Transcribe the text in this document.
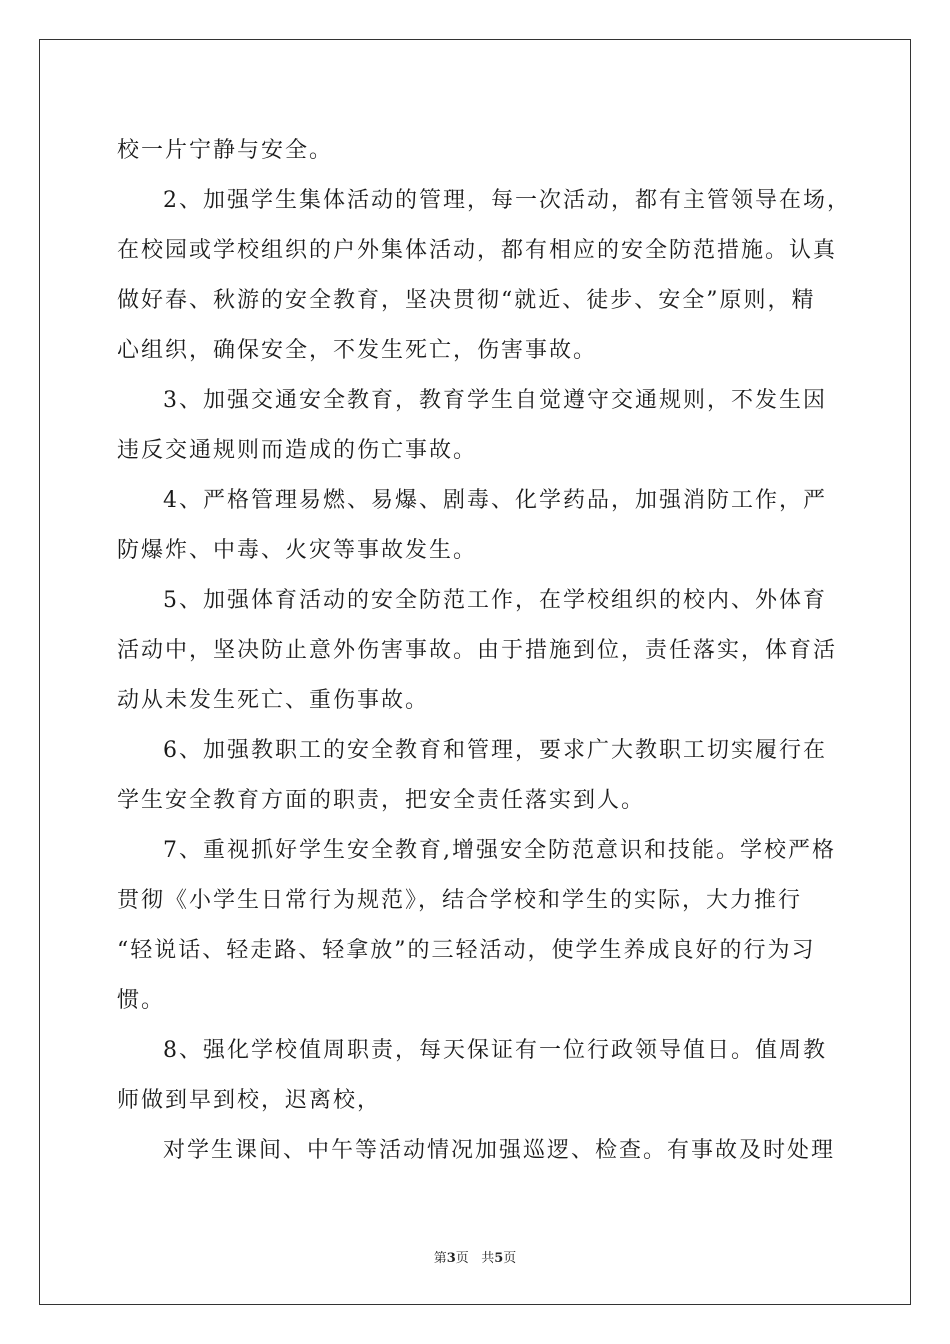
校一片宁静与安全。
2、加强学生集体活动的管理，每一次活动，都有主管领导在场，
在校园或学校组织的户外集体活动，都有相应的安全防范措施。认真
做好春、秋游的安全教育，坚决贯彻“就近、徒步、安全”原则，精
心组织，确保安全，不发生死亡，伤害事故。
3、加强交通安全教育，教育学生自觉遵守交通规则，不发生因
违反交通规则而造成的伤亡事故。
4、严格管理易燃、易爆、剧毒、化学药品，加强消防工作，严
防爆炸、中毒、火灾等事故发生。
5、加强体育活动的安全防范工作，在学校组织的校内、外体育
活动中，坚决防止意外伤害事故。由于措施到位，责任落实，体育活
动从未发生死亡、重伤事故。
6、加强教职工的安全教育和管理，要求广大教职工切实履行在
学生安全教育方面的职责，把安全责任落实到人。
7、重视抓好学生安全教育,增强安全防范意识和技能。学校严格
贯彻《小学生日常行为规范》，结合学校和学生的实际，大力推行
“轻说话、轻走路、轻拿放”的三轻活动，使学生养成良好的行为习
惯。
8、强化学校值周职责，每天保证有一位行政领导值日。值周教
师做到早到校，迟离校，
对学生课间、中午等活动情况加强巡逻、检查。有事故及时处理
第3页 共5页
